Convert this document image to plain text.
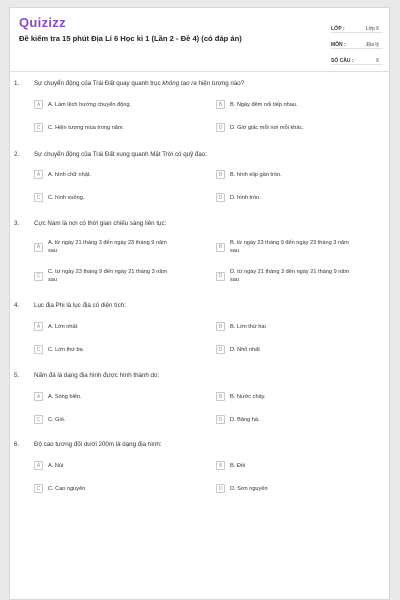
Quizizz
Đề kiểm tra 15 phút Địa Lí 6 Học kì 1 (Lần 2 - Đề 4) (có đáp án)
LỚP :	Lớp 6
MÔN :	Địa lý
SỐ CÂU :	6
1. Sự chuyển động của Trái Đất quay quanh trục không tạo ra hiện tượng nào?
A	A. Làm lệch hướng chuyển động.	B	B. Ngày đêm nối tiếp nhau.
C	C. Hiện tượng mùa trong năm.	D	D. Giờ giấc mỗi nơi mỗi khác.
2. Sự chuyển động của Trái Đất xung quanh Mặt Trời có quỹ đạo:
A	A. hình chữ nhật.	B	B. hình elip gần tròn.
C	C. hình vuông.	D	D. hình tròn.
3. Cực Nam là nơi có thời gian chiếu sáng liên tục:
A
A. từ ngày 21 tháng 3 đến ngày 23 tháng 9 năm
sau
B
B. từ ngày 23 tháng 9 đến ngày 23 tháng 3 năm
sau
C
C. từ ngày 23 tháng 9 đến ngày 21 tháng 3 năm
sau
D
D. từ ngày 21 tháng 3 đến ngày 21 tháng 9 năm
sau
4. Lục địa Phi là lục địa có diện tích:
A	A. Lớn nhất	B	B. Lớn thứ hai
C	C. Lớn thứ ba	D	D. Nhỏ nhất
5. Nấm đá là dạng địa hình được hình thành do:
A	A. Sóng biển.	B	B. Nước chảy.
C	C. Gió.	D	D. Băng hà.
6. Độ cao tương đối dưới 200m là dạng địa hình:
A	A. Núi	B	B. Đồi
C	C. Cao nguyên	D	D. Sơn nguyên
